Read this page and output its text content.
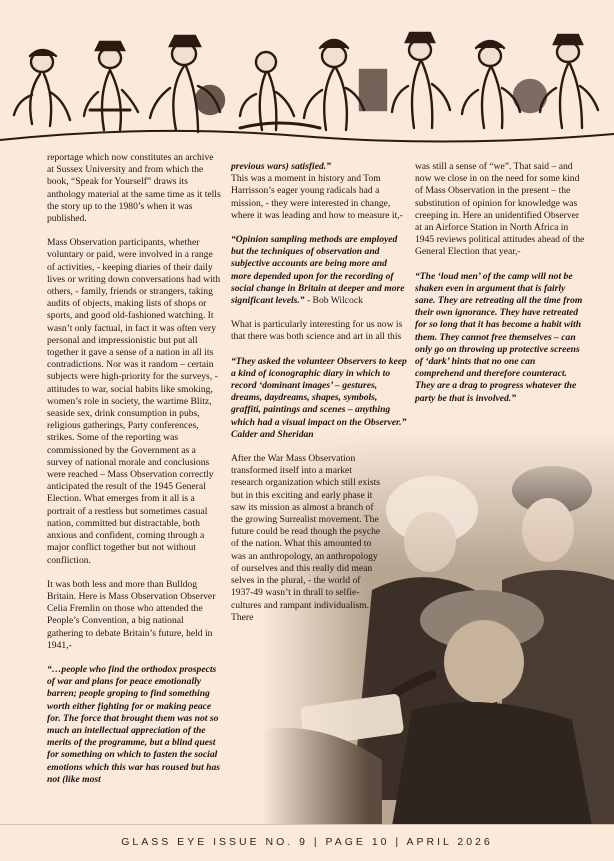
reportage which now constitutes an archive at Sussex University and from which the book, “Speak for Yourself” draws its anthology material at the same time as it tells the story up to the 1980’s when it was published.

Mass Observation participants, whether voluntary or paid, were involved in a range of activities, - keeping diaries of their daily lives or writing down conversations had with others, - family, friends or strangers, taking audits of objects, making lists of shops or sports, and good old-fashioned watching. It wasn’t only factual, in fact it was often very personal and impressionistic but put all together it gave a sense of a nation in all its contradictions. Nor was it random – certain subjects were high-priority for the surveys, - attitudes to war, social habits like smoking, women’s role in society, the wartime Blitz, seaside sex, drink consumption in pubs, religious gatherings, Party conferences, strikes. Some of the reporting was commissioned by the Government as a survey of national morale and conclusions were reached – Mass Observation correctly anticipated the result of the 1945 General Election. What emerges from it all is a portrait of a restless but sometimes casual nation, committed but distractable, both anxious and confident, coming through a major conflict together but not without confliction.

It was both less and more than Bulldog Britain. Here is Mass Observation Observer Celia Fremlin on those who attended the People’s Convention, a big national gathering to debate Britain’s future, held in 1941,-

“…people who find the orthodox prospects of war and plans for peace emotionally barren; people groping to find something worth either fighting for or making peace for. The force that brought them was not so much an intellectual appreciation of the merits of the programme, but a blind quest for something on which to fasten the social emotions which this war has roused but has not (like most

previous wars) satisfied.”

This was a moment in history and Tom Harrisson’s eager young radicals had a mission, - they were interested in change, where it was leading and how to measure it,-

“Opinion sampling methods are employed but the techniques of observation and subjective accounts are being more and more depended upon for the recording of social change in Britain at deeper and more significant levels.” - Bob Wilcock

What is particularly interesting for us now is that there was both science and art in all this

“They asked the volunteer Observers to keep a kind of iconographic diary in which to record ‘dominant images’ – gestures, dreams, daydreams, shapes, symbols, graffiti, paintings and scenes – anything which had a visual impact on the Observer.” Calder and Sheridan

After the War Mass Observation transformed itself into a market research organization which still exists but in this exciting and early phase it saw its mission as almost a branch of the growing Surrealist movement. The future could be read though the psyche of the nation. What this amounted to was an anthropology, an anthropology of ourselves and this really did mean selves in the plural, - the world of 1937-49 wasn’t in thrall to selfie-cultures and rampant individualism. There

was still a sense of “we”. That said – and now we close in on the need for some kind of Mass Observation in the present – the substitution of opinion for knowledge was creeping in. Here an unidentified Observer at an Airforce Station in North Africa in 1945 reviews political attitudes ahead of the General Election that year,-

“The ‘loud men’ of the camp will not be shaken even in argument that is fairly sane. They are retreating all the time from their own ignorance. They have retreated for so long that it has become a habit with them. They cannot free themselves – can only go on throwing up protective screens of ‘dark’ hints that no one can comprehend and therefore counteract. They are a drag to progress whatever the party be that is involved.”

GLASS EYE ISSUE NO. 9 | PAGE 10 | APRIL 2026
